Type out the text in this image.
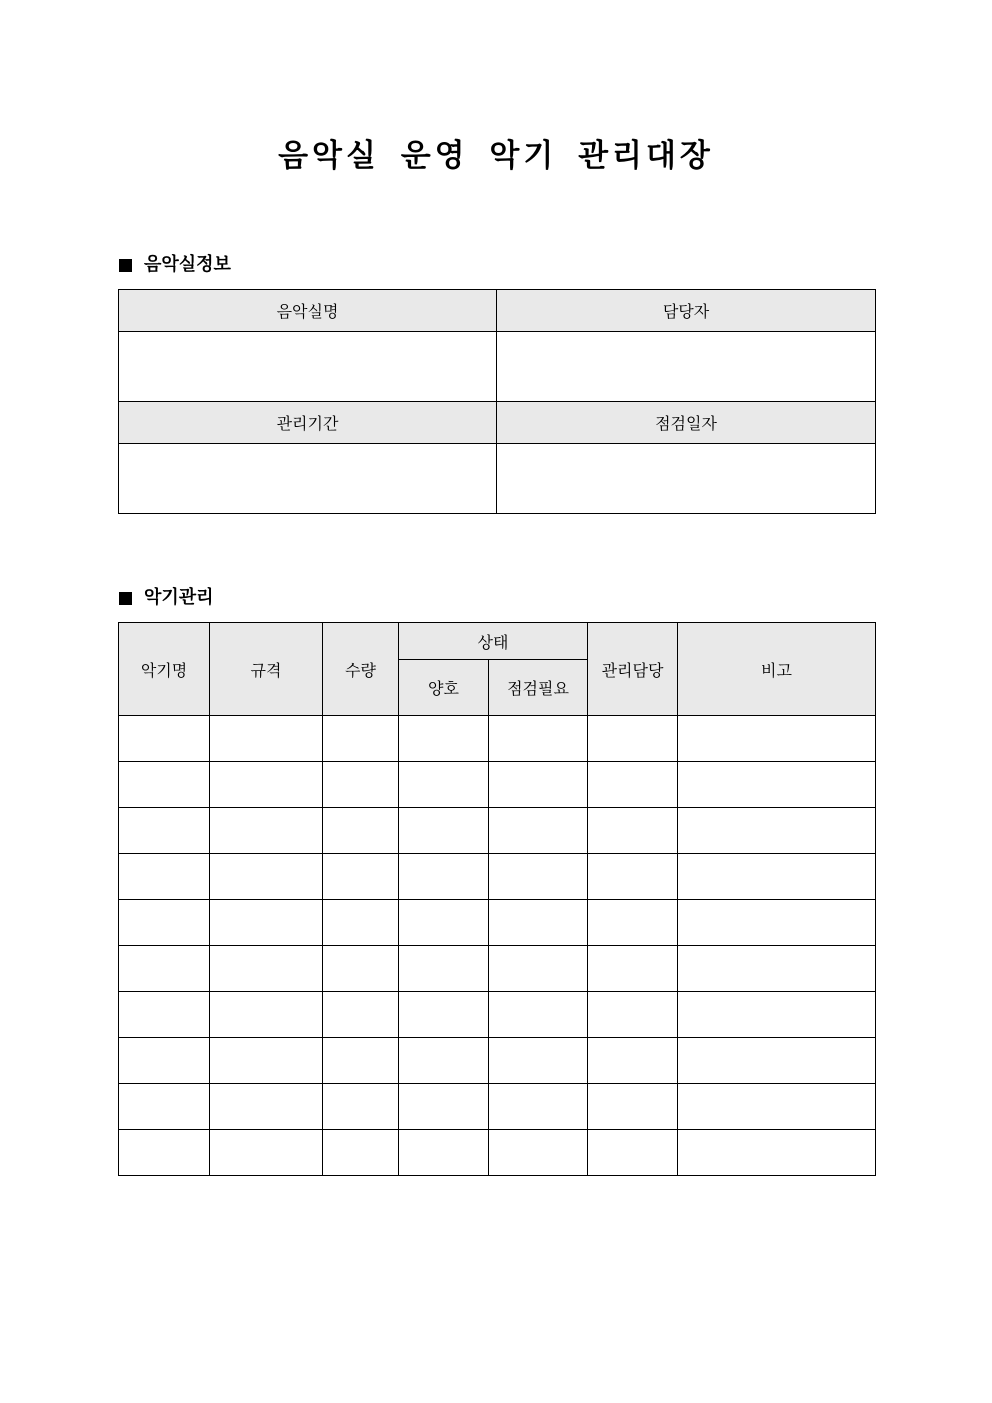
음악실 운영 악기 관리대장
음악실정보
음악실명	담당자

관리기간	점검일자

악기관리
악기명	규격	수량	상태		관리담당	비고
			양호	점검필요		
